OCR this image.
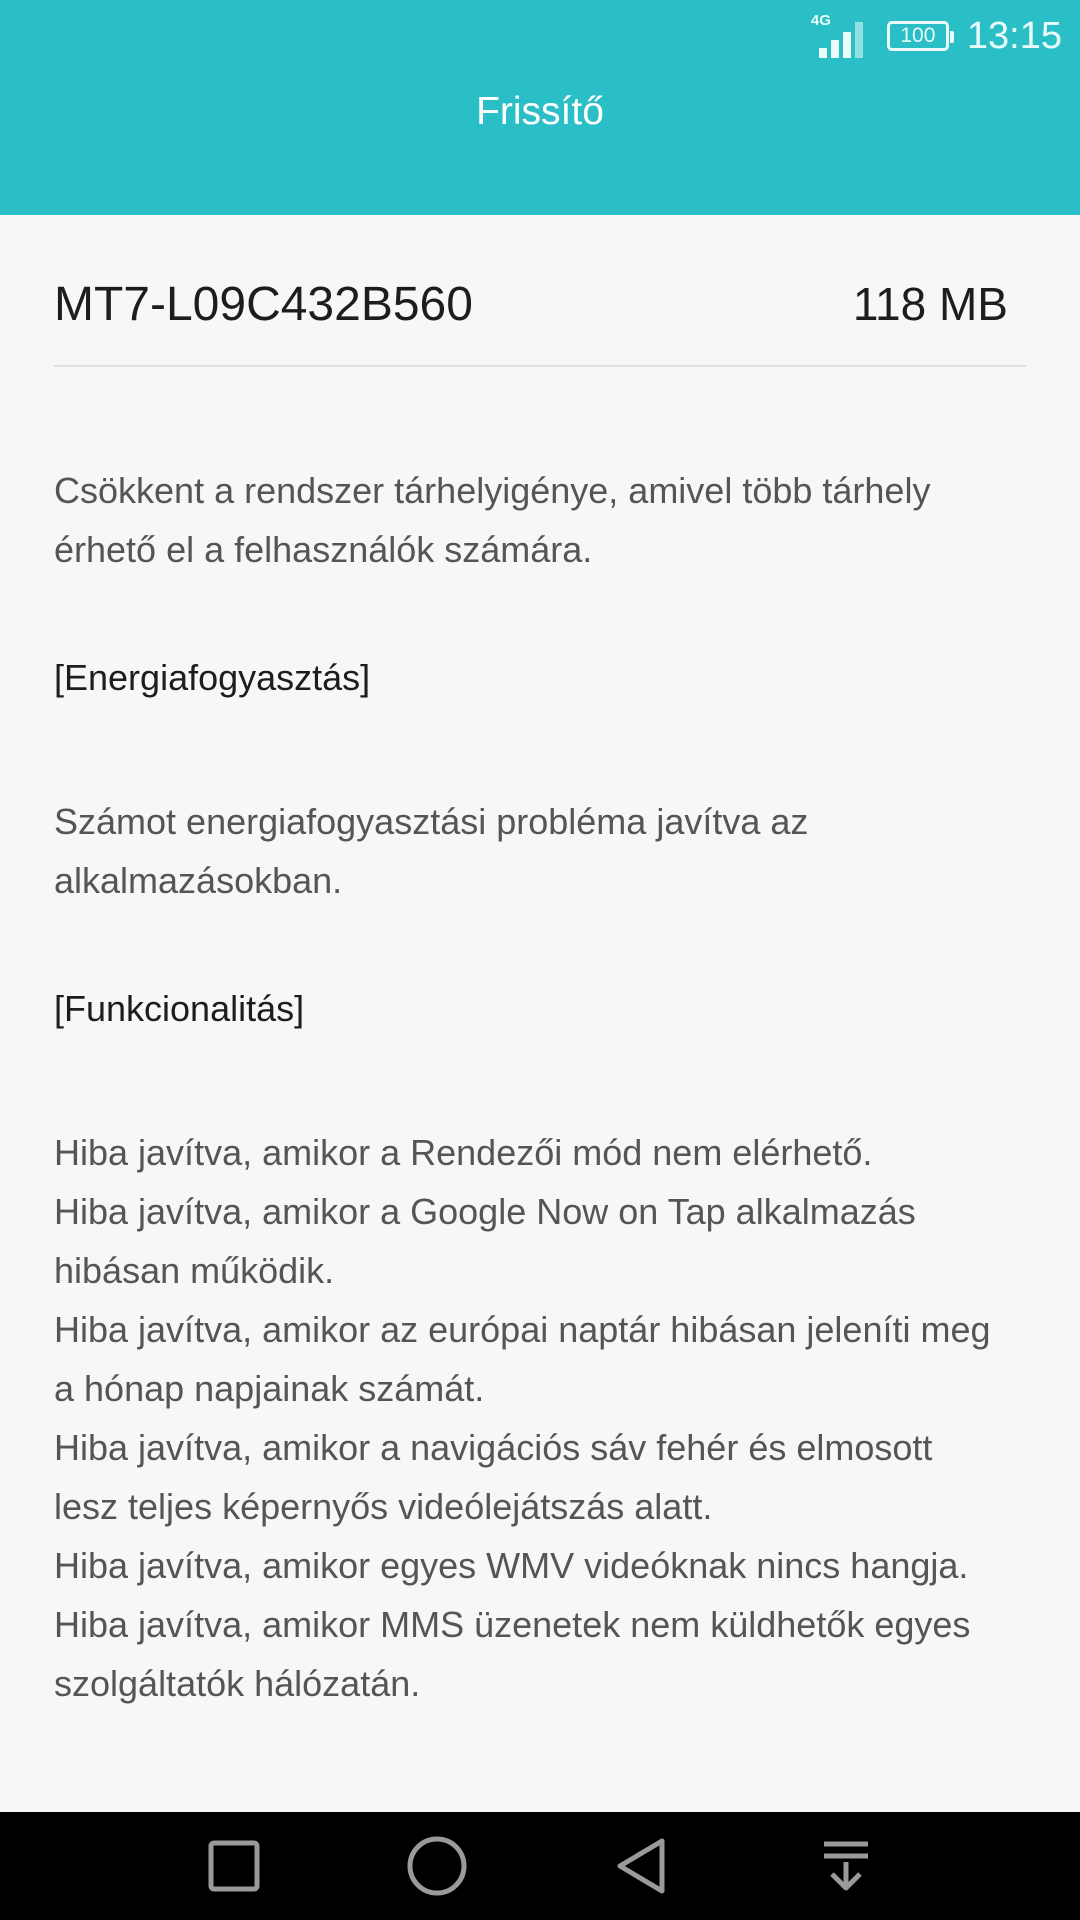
4G
100 13:15
Frissítő
MT7-L09C432B560	118 MB
Csökkent a rendszer tárhelyigénye, amivel több tárhely
érhető el a felhasználók számára.
[Energiafogyasztás]
Számot energiafogyasztási probléma javítva az
alkalmazásokban.
[Funkcionalitás]
Hiba javítva, amikor a Rendezői mód nem elérhető.
Hiba javítva, amikor a Google Now on Tap alkalmazás
hibásan működik.
Hiba javítva, amikor az európai naptár hibásan jeleníti meg
a hónap napjainak számát.
Hiba javítva, amikor a navigációs sáv fehér és elmosott
lesz teljes képernyős videólejátszás alatt.
Hiba javítva, amikor egyes WMV videóknak nincs hangja.
Hiba javítva, amikor MMS üzenetek nem küldhetők egyes
szolgáltatók hálózatán.
